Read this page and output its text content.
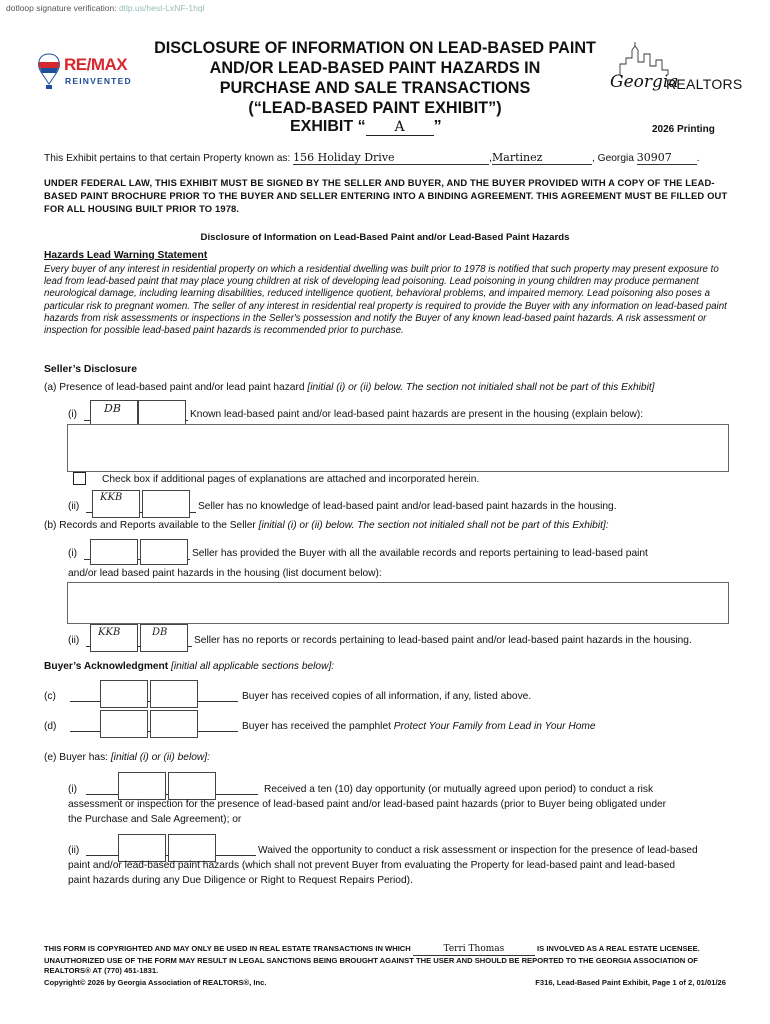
dotloop signature verification: dtlp.us/hest-LxNF-1hql
RE/MAX
REINVENTED
DISCLOSURE OF INFORMATION ON LEAD-BASED PAINT
AND/OR LEAD-BASED PAINT HAZARDS IN
PURCHASE AND SALE TRANSACTIONS
(“LEAD-BASED PAINT EXHIBIT”)
EXHIBIT “ A ”
Georgia
REALTORS
2026 Printing
This Exhibit pertains to that certain Property known as: 156 Holiday Drive	,Martinez	, Georgia 30907 .
UNDER FEDERAL LAW, THIS EXHIBIT MUST BE SIGNED BY THE SELLER AND BUYER, AND THE BUYER PROVIDED WITH A COPY OF THE LEAD-BASED PAINT BROCHURE PRIOR TO THE BUYER AND SELLER ENTERING INTO A BINDING AGREEMENT. THIS AGREEMENT MUST BE FILLED OUT FOR ALL HOUSING BUILT PRIOR TO 1978.
Disclosure of Information on Lead-Based Paint and/or Lead-Based Paint Hazards
Hazards Lead Warning Statement
Every buyer of any interest in residential property on which a residential dwelling was built prior to 1978 is notified that such property may present exposure to lead from lead-based paint that may place young children at risk of developing lead poisoning. Lead poisoning in young children may produce permanent neurological damage, including learning disabilities, reduced intelligence quotient, behavioral problems, and impaired memory. Lead poisoning also poses a particular risk to pregnant women. The seller of any interest in residential real property is required to provide the Buyer with any information on lead-based paint hazards from risk assessments or inspections in the Seller's possession and notify the Buyer of any known lead-based paint hazards. A risk assessment or inspection for possible lead-based paint hazards is recommended prior to purchase.
Seller’s Disclosure
(a) Presence of lead-based paint and/or lead paint hazard [initial (i) or (ii) below. The section not initialed shall not be part of this Exhibit]
(i) DB	Known lead-based paint and/or lead-based paint hazards are present in the housing (explain below):
Check box if additional pages of explanations are attached and incorporated herein.
(ii)
KKB
Seller has no knowledge of lead-based paint and/or lead-based paint hazards in the housing.
(b) Records and Reports available to the Seller [initial (i) or (ii) below. The section not initialed shall not be part of this Exhibit]:
(i)	Seller has provided the Buyer with all the available records and reports pertaining to lead-based paint
and/or lead based paint hazards in the housing (list document below):
(ii)
KKB	DB
Seller has no reports or records pertaining to lead-based paint and/or lead-based paint hazards in the housing.
Buyer’s Acknowledgment [initial all applicable sections below]:
(c)	Buyer has received copies of all information, if any, listed above.
(d)	Buyer has received the pamphlet Protect Your Family from Lead in Your Home
(e) Buyer has: [initial (i) or (ii) below]:
(i)	Received a ten (10) day opportunity (or mutually agreed upon period) to conduct a risk
assessment or inspection for the presence of lead-based paint and/or lead-based paint hazards (prior to Buyer being obligated under
the Purchase and Sale Agreement); or
(ii)	Waived the opportunity to conduct a risk assessment or inspection for the presence of lead-based
paint and/or lead-based paint hazards (which shall not prevent Buyer from evaluating the Property for lead-based paint and lead-based
paint hazards during any Due Diligence or Right to Request Repairs Period).
THIS FORM IS COPYRIGHTED AND MAY ONLY BE USED IN REAL ESTATE TRANSACTIONS IN WHICH	Terri Thomas	IS INVOLVED AS A REAL ESTATE LICENSEE. UNAUTHORIZED USE OF THE FORM MAY RESULT IN LEGAL SANCTIONS BEING BROUGHT AGAINST THE USER AND SHOULD BE REPORTED TO THE GEORGIA ASSOCIATION OF REALTORS® AT (770) 451-1831.
Copyright© 2026 by Georgia Association of REALTORS®, Inc.	F316, Lead-Based Paint Exhibit, Page 1 of 2, 01/01/26
